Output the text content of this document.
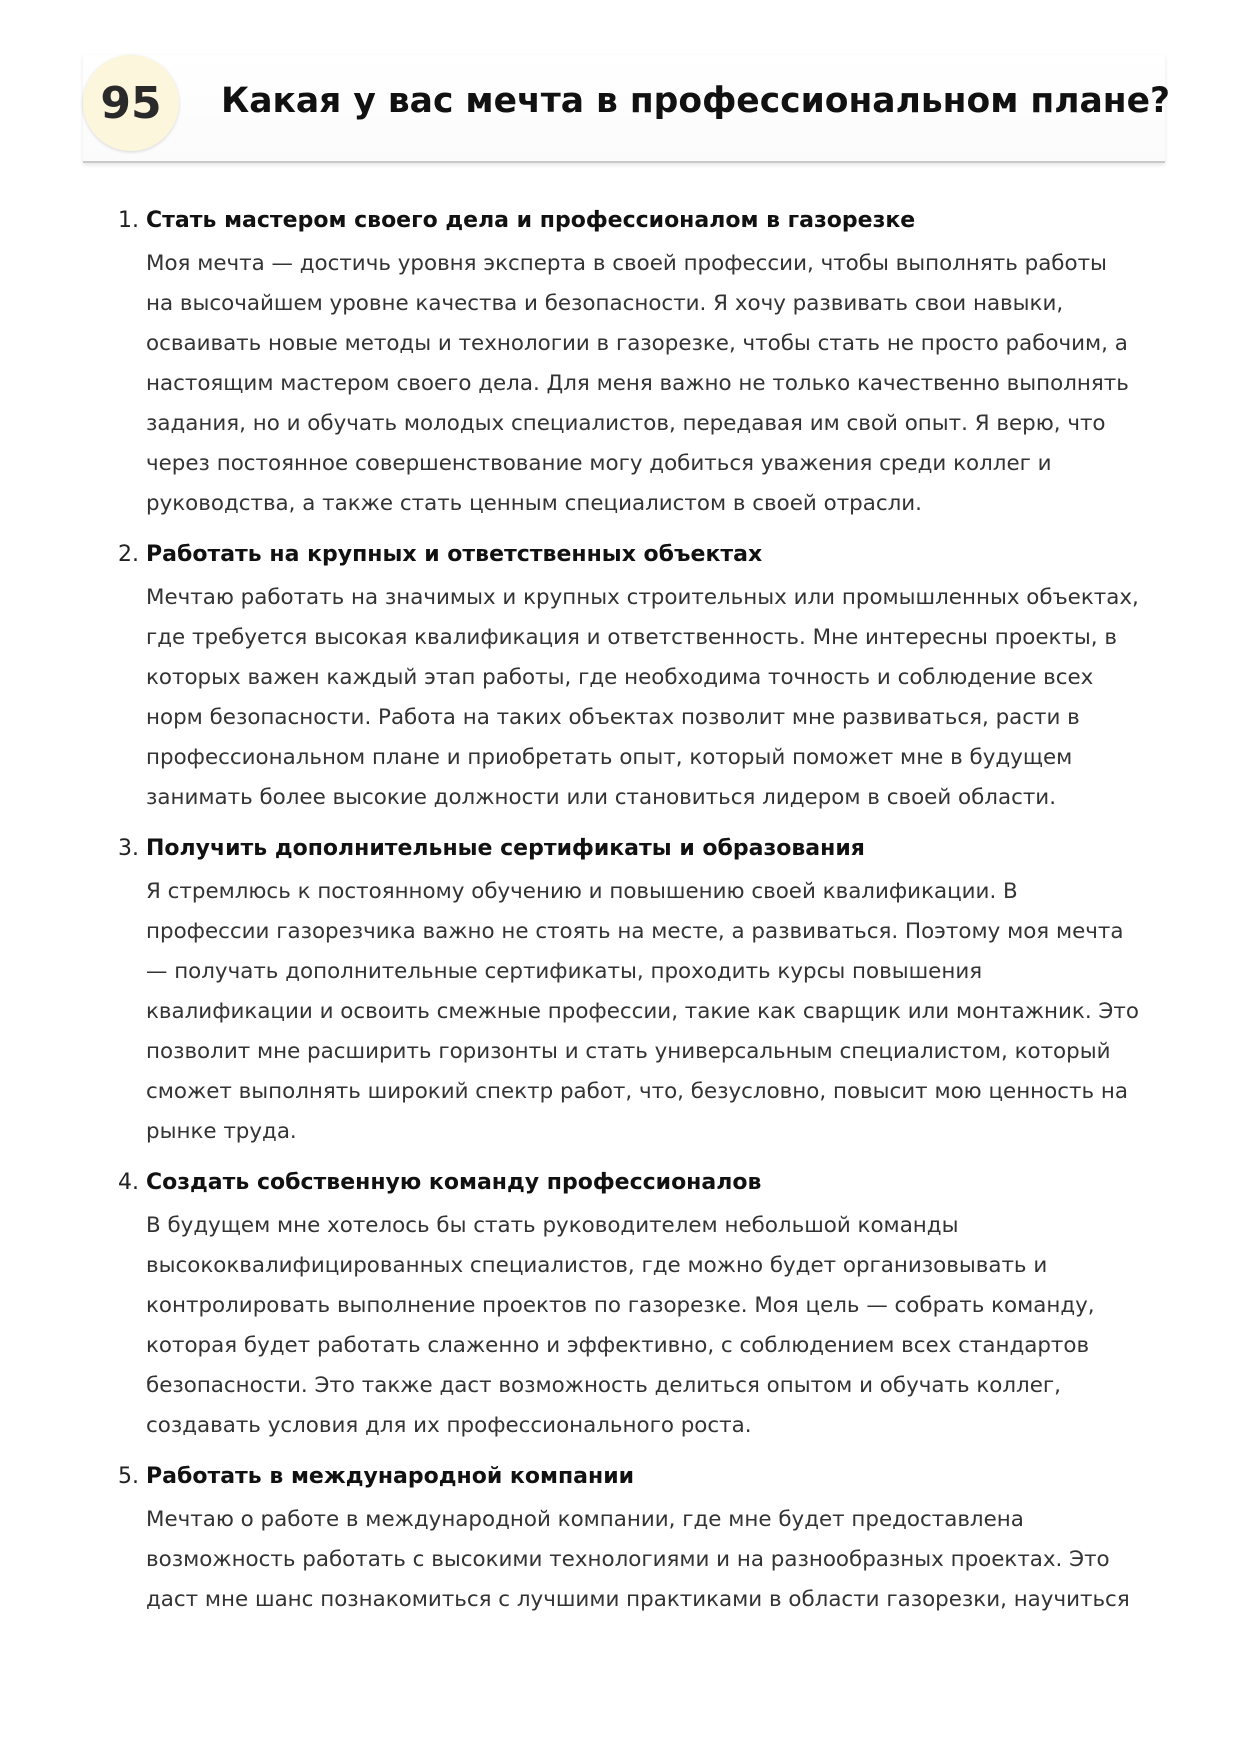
95	Какая у вас мечта в профессиональном плане?
1. Стать мастером своего дела и профессионалом в газорезке
Моя мечта — достичь уровня эксперта в своей профессии, чтобы выполнять работы
на высочайшем уровне качества и безопасности. Я хочу развивать свои навыки,
осваивать новые методы и технологии в газорезке, чтобы стать не просто рабочим, а
настоящим мастером своего дела. Для меня важно не только качественно выполнять
задания, но и обучать молодых специалистов, передавая им свой опыт. Я верю, что
через постоянное совершенствование могу добиться уважения среди коллег и
руководства, а также стать ценным специалистом в своей отрасли.
2. Работать на крупных и ответственных объектах
Мечтаю работать на значимых и крупных строительных или промышленных объектах,
где требуется высокая квалификация и ответственность. Мне интересны проекты, в
которых важен каждый этап работы, где необходима точность и соблюдение всех
норм безопасности. Работа на таких объектах позволит мне развиваться, расти в
профессиональном плане и приобретать опыт, который поможет мне в будущем
занимать более высокие должности или становиться лидером в своей области.
3. Получить дополнительные сертификаты и образования
Я стремлюсь к постоянному обучению и повышению своей квалификации. В
профессии газорезчика важно не стоять на месте, а развиваться. Поэтому моя мечта
— получать дополнительные сертификаты, проходить курсы повышения
квалификации и освоить смежные профессии, такие как сварщик или монтажник. Это
позволит мне расширить горизонты и стать универсальным специалистом, который
сможет выполнять широкий спектр работ, что, безусловно, повысит мою ценность на
рынке труда.
4. Создать собственную команду профессионалов
В будущем мне хотелось бы стать руководителем небольшой команды
высококвалифицированных специалистов, где можно будет организовывать и
контролировать выполнение проектов по газорезке. Моя цель — собрать команду,
которая будет работать слаженно и эффективно, с соблюдением всех стандартов
безопасности. Это также даст возможность делиться опытом и обучать коллег,
создавать условия для их профессионального роста.
5. Работать в международной компании
Мечтаю о работе в международной компании, где мне будет предоставлена
возможность работать с высокими технологиями и на разнообразных проектах. Это
даст мне шанс познакомиться с лучшими практиками в области газорезки, научиться
